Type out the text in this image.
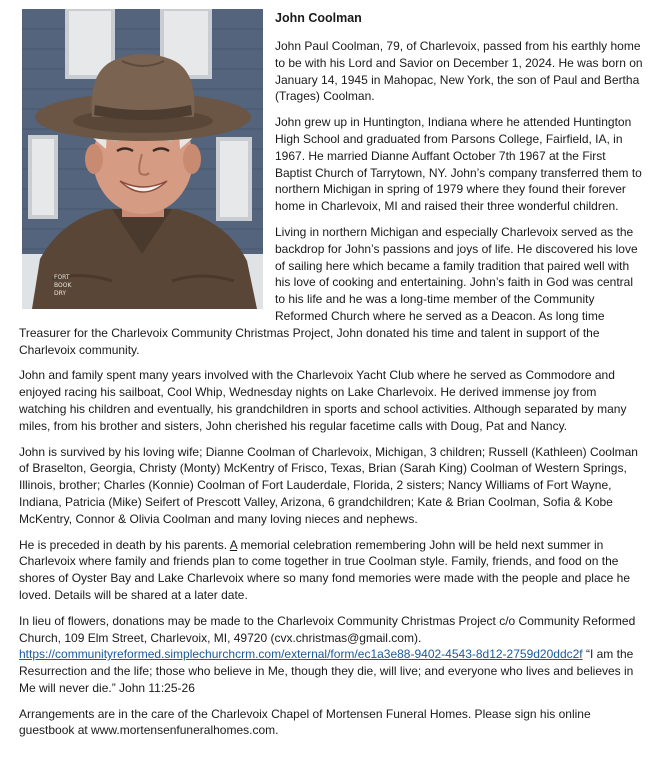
FORT
BOOK
DRY
John Coolman

John Paul Coolman, 79, of Charlevoix, passed from his earthly home to be with his Lord and Savior on December 1, 2024. He was born on January 14, 1945 in Mahopac, New York, the son of Paul and Bertha (Trages) Coolman.

John grew up in Huntington, Indiana where he attended Huntington High School and graduated from Parsons College, Fairfield, IA, in 1967. He married Dianne Auffant October 7th 1967 at the First Baptist Church of Tarrytown, NY. John’s company transferred them to northern Michigan in spring of 1979 where they found their forever home in Charlevoix, MI and raised their three wonderful children.

Living in northern Michigan and especially Charlevoix served as the backdrop for John’s passions and joys of life. He discovered his love of sailing here which became a family tradition that paired well with his love of cooking and entertaining. John’s faith in God was central to his life and he was a long-time member of the Community Reformed Church where he served as a Deacon. As long time Treasurer for the Charlevoix Community Christmas Project, John donated his time and talent in support of the Charlevoix community.

John and family spent many years involved with the Charlevoix Yacht Club where he served as Commodore and enjoyed racing his sailboat, Cool Whip, Wednesday nights on Lake Charlevoix. He derived immense joy from watching his children and eventually, his grandchildren in sports and school activities. Although separated by many miles, from his brother and sisters, John cherished his regular facetime calls with Doug, Pat and Nancy.

John is survived by his loving wife; Dianne Coolman of Charlevoix, Michigan, 3 children; Russell (Kathleen) Coolman of Braselton, Georgia, Christy (Monty) McKentry of Frisco, Texas, Brian (Sarah King) Coolman of Western Springs, Illinois, brother; Charles (Konnie) Coolman of Fort Lauderdale, Florida, 2 sisters; Nancy Williams of Fort Wayne, Indiana, Patricia (Mike) Seifert of Prescott Valley, Arizona, 6 grandchildren; Kate & Brian Coolman, Sofia & Kobe McKentry, Connor & Olivia Coolman and many loving nieces and nephews.

He is preceded in death by his parents. A memorial celebration remembering John will be held next summer in Charlevoix where family and friends plan to come together in true Coolman style. Family, friends, and food on the shores of Oyster Bay and Lake Charlevoix where so many fond memories were made with the people and place he loved. Details will be shared at a later date.

In lieu of flowers, donations may be made to the Charlevoix Community Christmas Project c/o Community Reformed Church, 109 Elm Street, Charlevoix, MI, 49720 (cvx.christmas@gmail.com). https://communityreformed.simplechurchcrm.com/external/form/ec1a3e88-9402-4543-8d12-2759d20ddc2f “I am the Resurrection and the life; those who believe in Me, though they die, will live; and everyone who lives and believes in Me will never die.” John 11:25-26

Arrangements are in the care of the Charlevoix Chapel of Mortensen Funeral Homes. Please sign his online guestbook at www.mortensenfuneralhomes.com.
